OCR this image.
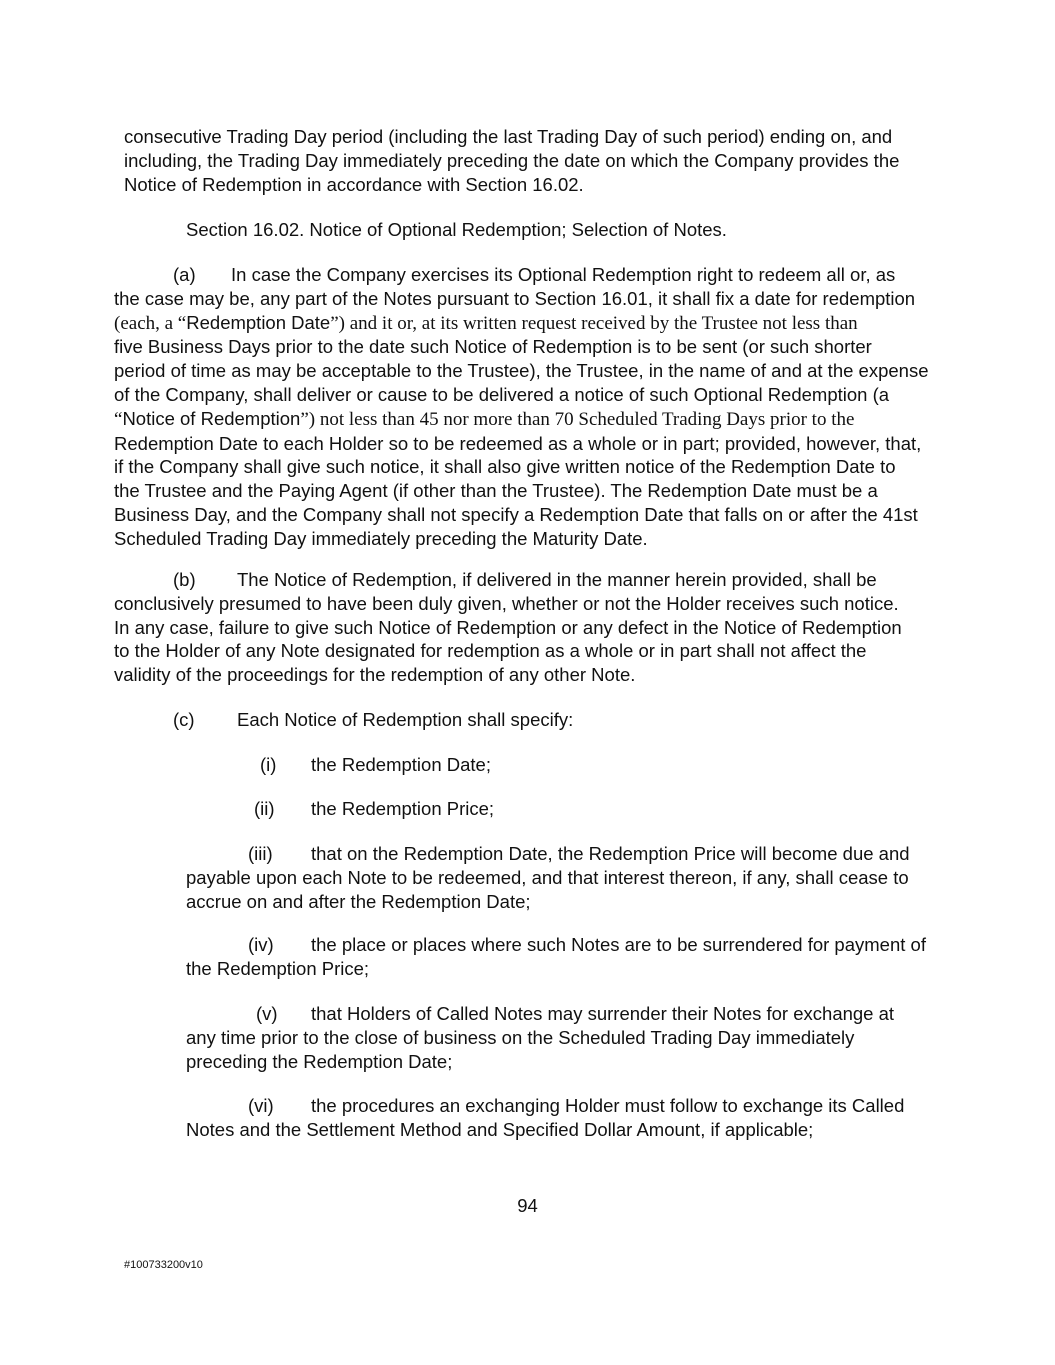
consecutive Trading Day period (including the last Trading Day of such period) ending on, and
including, the Trading Day immediately preceding the date on which the Company provides the
Notice of Redemption in accordance with Section 16.02.
Section 16.02. Notice of Optional Redemption; Selection of Notes.
(a) In case the Company exercises its Optional Redemption right to redeem all or, as
the case may be, any part of the Notes pursuant to Section 16.01, it shall fix a date for redemption
(each, a “Redemption Date”) and it or, at its written request received by the Trustee not less than
five Business Days prior to the date such Notice of Redemption is to be sent (or such shorter
period of time as may be acceptable to the Trustee), the Trustee, in the name of and at the expense
of the Company, shall deliver or cause to be delivered a notice of such Optional Redemption (a
“Notice of Redemption”) not less than 45 nor more than 70 Scheduled Trading Days prior to the
Redemption Date to each Holder so to be redeemed as a whole or in part; provided, however, that,
if the Company shall give such notice, it shall also give written notice of the Redemption Date to
the Trustee and the Paying Agent (if other than the Trustee). The Redemption Date must be a
Business Day, and the Company shall not specify a Redemption Date that falls on or after the 41st
Scheduled Trading Day immediately preceding the Maturity Date.
(b) The Notice of Redemption, if delivered in the manner herein provided, shall be
conclusively presumed to have been duly given, whether or not the Holder receives such notice.
In any case, failure to give such Notice of Redemption or any defect in the Notice of Redemption
to the Holder of any Note designated for redemption as a whole or in part shall not affect the
validity of the proceedings for the redemption of any other Note.
(c) Each Notice of Redemption shall specify:
(i) the Redemption Date;
(ii) the Redemption Price;
(iii) that on the Redemption Date, the Redemption Price will become due and
payable upon each Note to be redeemed, and that interest thereon, if any, shall cease to
accrue on and after the Redemption Date;
(iv) the place or places where such Notes are to be surrendered for payment of
the Redemption Price;
(v) that Holders of Called Notes may surrender their Notes for exchange at
any time prior to the close of business on the Scheduled Trading Day immediately
preceding the Redemption Date;
(vi) the procedures an exchanging Holder must follow to exchange its Called
Notes and the Settlement Method and Specified Dollar Amount, if applicable;
94
#100733200v10
